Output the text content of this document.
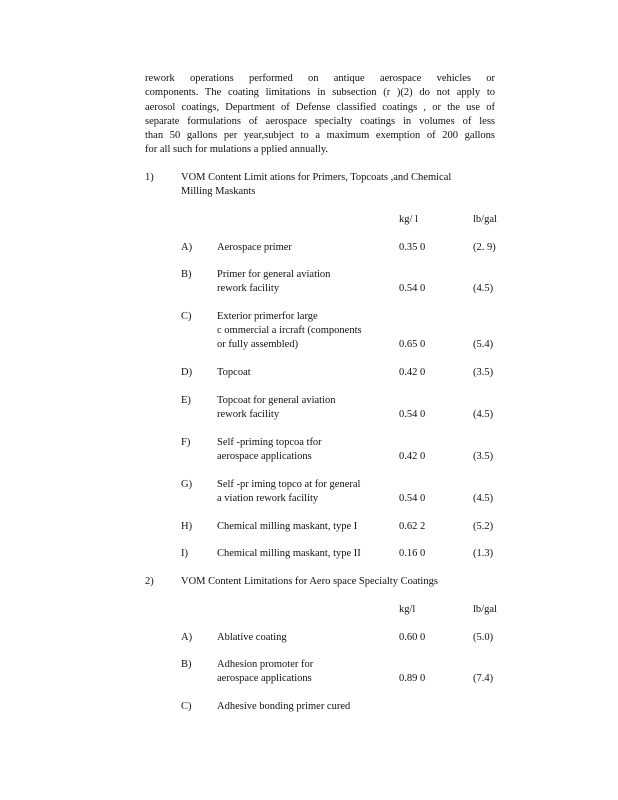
rework operations performed on antique aerospace vehicles or
components. The coating limitations in subsection (r )(2) do not apply to
aerosol coatings, Department of Defense classified coatings , or the use of
separate formulations of aerospace specialty coatings in volumes of less
than 50 gallons per year,subject to a maximum exemption of 200 gallons
for all such for mulations a pplied annually.
1)	VOM Content Limit ations for Primers, Topcoats ,and Chemical
Milling Maskants
kg/ l	lb/gal
A) Aerospace primer	0.35 0	(2. 9)
B) Primer for general aviation
rework facility	0.54 0	(4.5)
C) Exterior primerfor large
c ommercial a ircraft (components
or fully assembled)	0.65 0	(5.4)
D) Topcoat	0.42 0	(3.5)
E) Topcoat for general aviation
rework facility	0.54 0	(4.5)
F)	Self -priming topcoa tfor
aerospace applications	0.42 0	(3.5)
G) Self -pr iming topco at for general
a viation rework facility	0.54 0	(4.5)
H) Chemical milling maskant, type I	0.62 2	(5.2)
I)	Chemical milling maskant, type II	0.16 0	(1.3)
2)	VOM Content Limitations for Aero space Specialty Coatings
kg/l	lb/gal
A) Ablative coating	0.60 0	(5.0)
B) Adhesion promoter for
aerospace applications	0.89 0	(7.4)
C) Adhesive bonding primer cured
